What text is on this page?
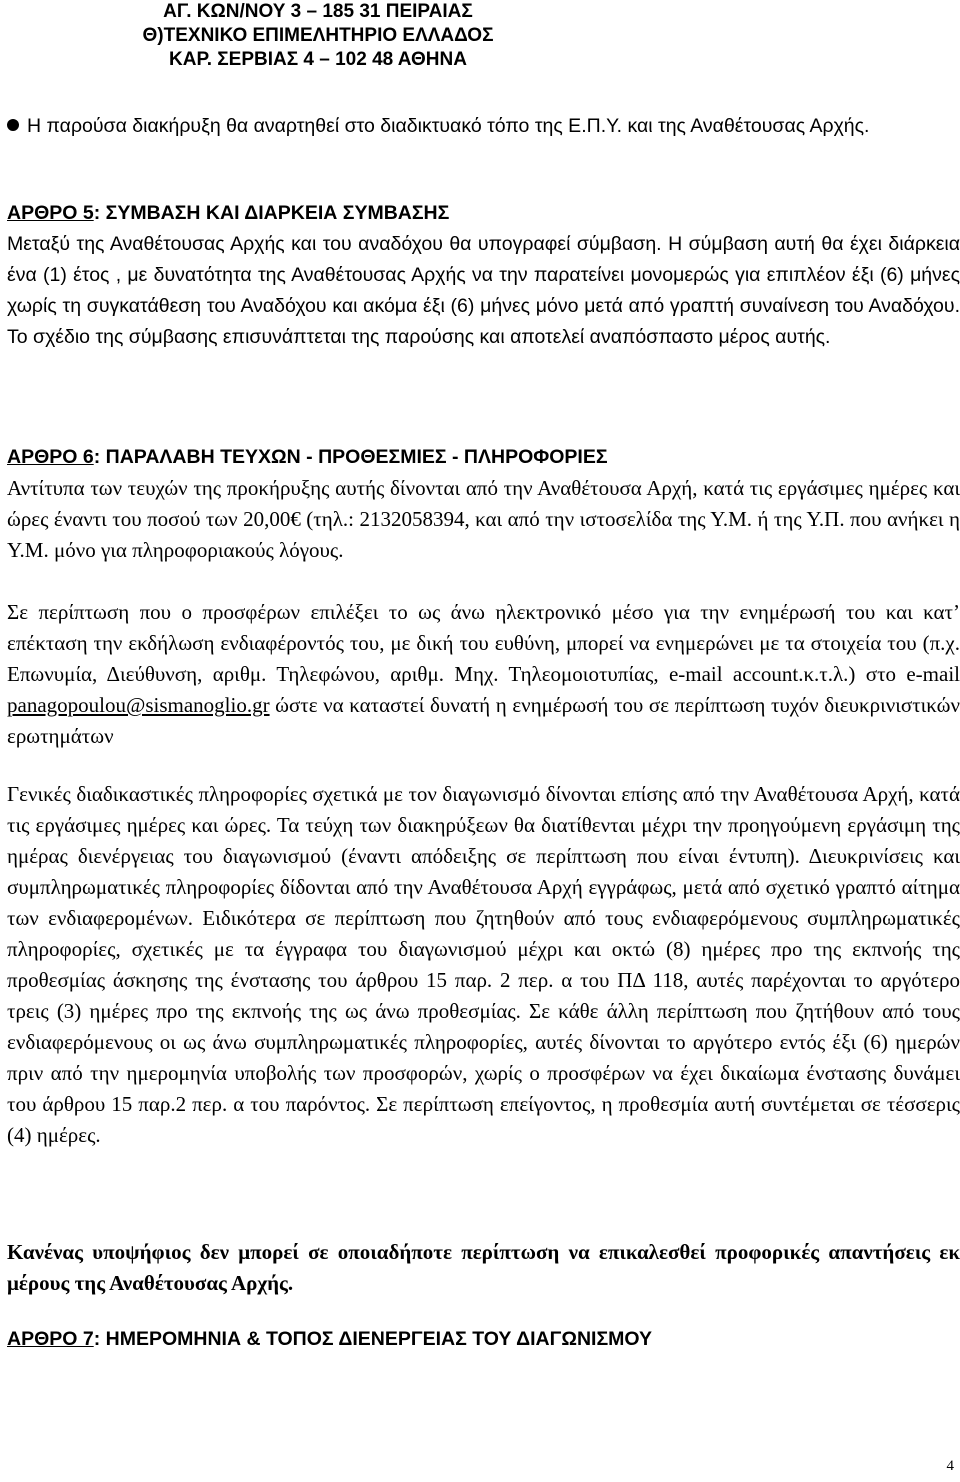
ΑΓ. ΚΩΝ/ΝΟΥ 3 – 185 31 ΠΕΙΡΑΙΑΣ
Θ)ΤΕΧΝΙΚΟ ΕΠΙΜΕΛΗΤΗΡΙΟ ΕΛΛΑΔΟΣ
ΚΑΡ. ΣΕΡΒΙΑΣ 4 – 102 48 ΑΘΗΝΑ

Η παρούσα διακήρυξη θα αναρτηθεί στο διαδικτυακό τόπο της Ε.Π.Υ. και της Αναθέτουσας Αρχής.

ΑΡΘΡΟ 5: ΣΥΜΒΑΣΗ ΚΑΙ ΔΙΑΡΚΕΙΑ ΣΥΜΒΑΣΗΣ

Μεταξύ της Αναθέτουσας Αρχής και του αναδόχου θα υπογραφεί σύμβαση. Η σύμβαση αυτή θα έχει διάρκεια ένα (1) έτος , με δυνατότητα της Αναθέτουσας Αρχής να την παρατείνει μονομερώς για επιπλέον έξι (6) μήνες χωρίς τη συγκατάθεση του Αναδόχου και ακόμα έξι (6) μήνες μόνο μετά από γραπτή συναίνεση του Αναδόχου. Το σχέδιο της σύμβασης επισυνάπτεται της παρούσης και αποτελεί αναπόσπαστο μέρος αυτής.

ΑΡΘΡΟ 6: ΠΑΡΑΛΑΒΗ ΤΕΥΧΩΝ - ΠΡΟΘΕΣΜΙΕΣ - ΠΛΗΡΟΦΟΡΙΕΣ

Αντίτυπα των τευχών της προκήρυξης αυτής δίνονται από την Αναθέτουσα Αρχή, κατά τις εργάσιμες ημέρες και ώρες έναντι του ποσού των 20,00€ (τηλ.: 2132058394, και από την ιστοσελίδα της Υ.Μ. ή της Υ.Π. που ανήκει η Υ.Μ. μόνο για πληροφοριακούς λόγους.

Σε περίπτωση που ο προσφέρων επιλέξει το ως άνω ηλεκτρονικό μέσο για την ενημέρωσή του και κατ’ επέκταση την εκδήλωση ενδιαφέροντός του, με δική του ευθύνη, μπορεί να ενημερώνει με τα στοιχεία του (π.χ. Επωνυμία, Διεύθυνση, αριθμ. Τηλεφώνου, αριθμ. Μηχ. Τηλεομοιοτυπίας, e-mail account.κ.τ.λ.) στο e-mail panagopoulou@sismanoglio.gr ώστε να καταστεί δυνατή η ενημέρωσή του σε περίπτωση τυχόν διευκρινιστικών ερωτημάτων

Γενικές διαδικαστικές πληροφορίες σχετικά με τον διαγωνισμό δίνονται επίσης από την Αναθέτουσα Αρχή, κατά τις εργάσιμες ημέρες και ώρες. Τα τεύχη των διακηρύξεων θα διατίθενται μέχρι την προηγούμενη εργάσιμη της ημέρας διενέργειας του διαγωνισμού (έναντι απόδειξης σε περίπτωση που είναι έντυπη). Διευκρινίσεις και συμπληρωματικές πληροφορίες δίδονται από την Αναθέτουσα Αρχή εγγράφως, μετά από σχετικό γραπτό αίτημα των ενδιαφερομένων. Ειδικότερα σε περίπτωση που ζητηθούν από τους ενδιαφερόμενους συμπληρωματικές πληροφορίες, σχετικές με τα έγγραφα του διαγωνισμού μέχρι και οκτώ (8) ημέρες προ της εκπνοής της προθεσμίας άσκησης της ένστασης του άρθρου 15 παρ. 2 περ. α του ΠΔ 118, αυτές παρέχονται το αργότερο τρεις (3) ημέρες προ της εκπνοής της ως άνω προθεσμίας. Σε κάθε άλλη περίπτωση που ζητήθουν από τους ενδιαφερόμενους οι ως άνω συμπληρωματικές πληροφορίες, αυτές δίνονται το αργότερο εντός έξι (6) ημερών πριν από την ημερομηνία υποβολής των προσφορών, χωρίς ο προσφέρων να έχει δικαίωμα ένστασης δυνάμει του άρθρου 15 παρ.2 περ. α του παρόντος. Σε περίπτωση επείγοντος, η προθεσμία αυτή συντέμεται σε τέσσερις (4) ημέρες.

Κανένας υποψήφιος δεν μπορεί σε οποιαδήποτε περίπτωση να επικαλεσθεί προφορικές απαντήσεις εκ μέρους της Αναθέτουσας Αρχής.

ΑΡΘΡΟ 7: ΗΜΕΡΟΜΗΝΙΑ & ΤΟΠΟΣ ΔΙΕΝΕΡΓΕΙΑΣ ΤΟΥ ΔΙΑΓΩΝΙΣΜΟΥ
4
